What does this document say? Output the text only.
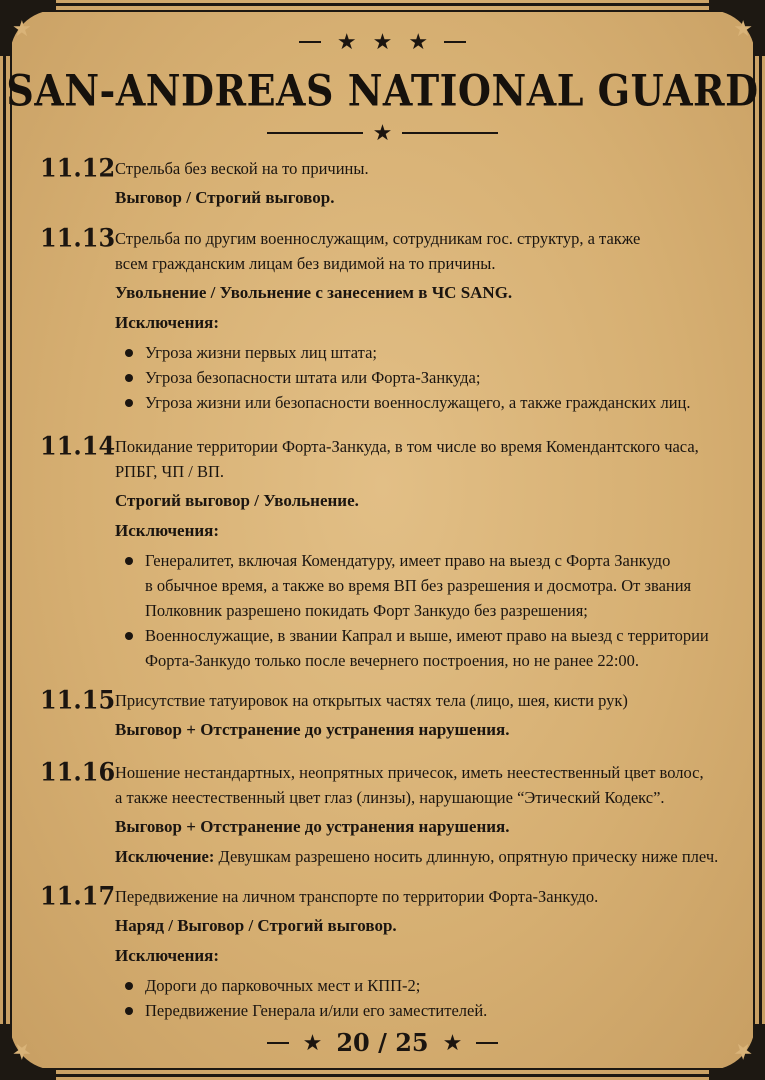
★	★
★	★
★ ★ ★
SAN-ANDREAS NATIONAL GUARD
★
11.12 Стрельба без веской на то причины.

Выговор / Строгий выговор.

11.13 Стрельба по другим военнослужащим, сотрудникам гос. структур, а также

всем гражданским лицам без видимой на то причины.

Увольнение / Увольнение с занесением в ЧС SANG.

Исключения:

Угроза жизни первых лиц штата;
Угроза безопасности штата или Форта-Занкуда;
Угроза жизни или безопасности военнослужащего, а также гражданских лиц.
11.14 Покидание территории Форта-Занкуда, в том числе во время Комендантского часа,

РПБГ, ЧП / ВП.

Строгий выговор / Увольнение.

Исключения:

Генералитет, включая Комендатуру, имеет право на выезд с Форта Занкудо
в обычное время, а также во время ВП без разрешения и досмотра. От звания
Полковник разрешено покидать Форт Занкудо без разрешения;
Военнослужащие, в звании Капрал и выше, имеют право на выезд с территории
Форта-Занкудо только после вечернего построения, но не ранее 22:00.
11.15 Присутствие татуировок на открытых частях тела (лицо, шея, кисти рук)

Выговор + Отстранение до устранения нарушения.

11.16 Ношение нестандартных, неопрятных причесок, иметь неестественный цвет волос,

а также неестественный цвет глаз (линзы), нарушающие “Этический Кодекс”.

Выговор + Отстранение до устранения нарушения.

Исключение: Девушкам разрешено носить длинную, опрятную прическу ниже плеч.

11.17 Передвижение на личном транспорте по территории Форта-Занкудо.

Наряд / Выговор / Строгий выговор.

Исключения:

Дороги до парковочных мест и КПП-2;
Передвижение Генерала и/или его заместителей.
★ 20 / 25 ★
